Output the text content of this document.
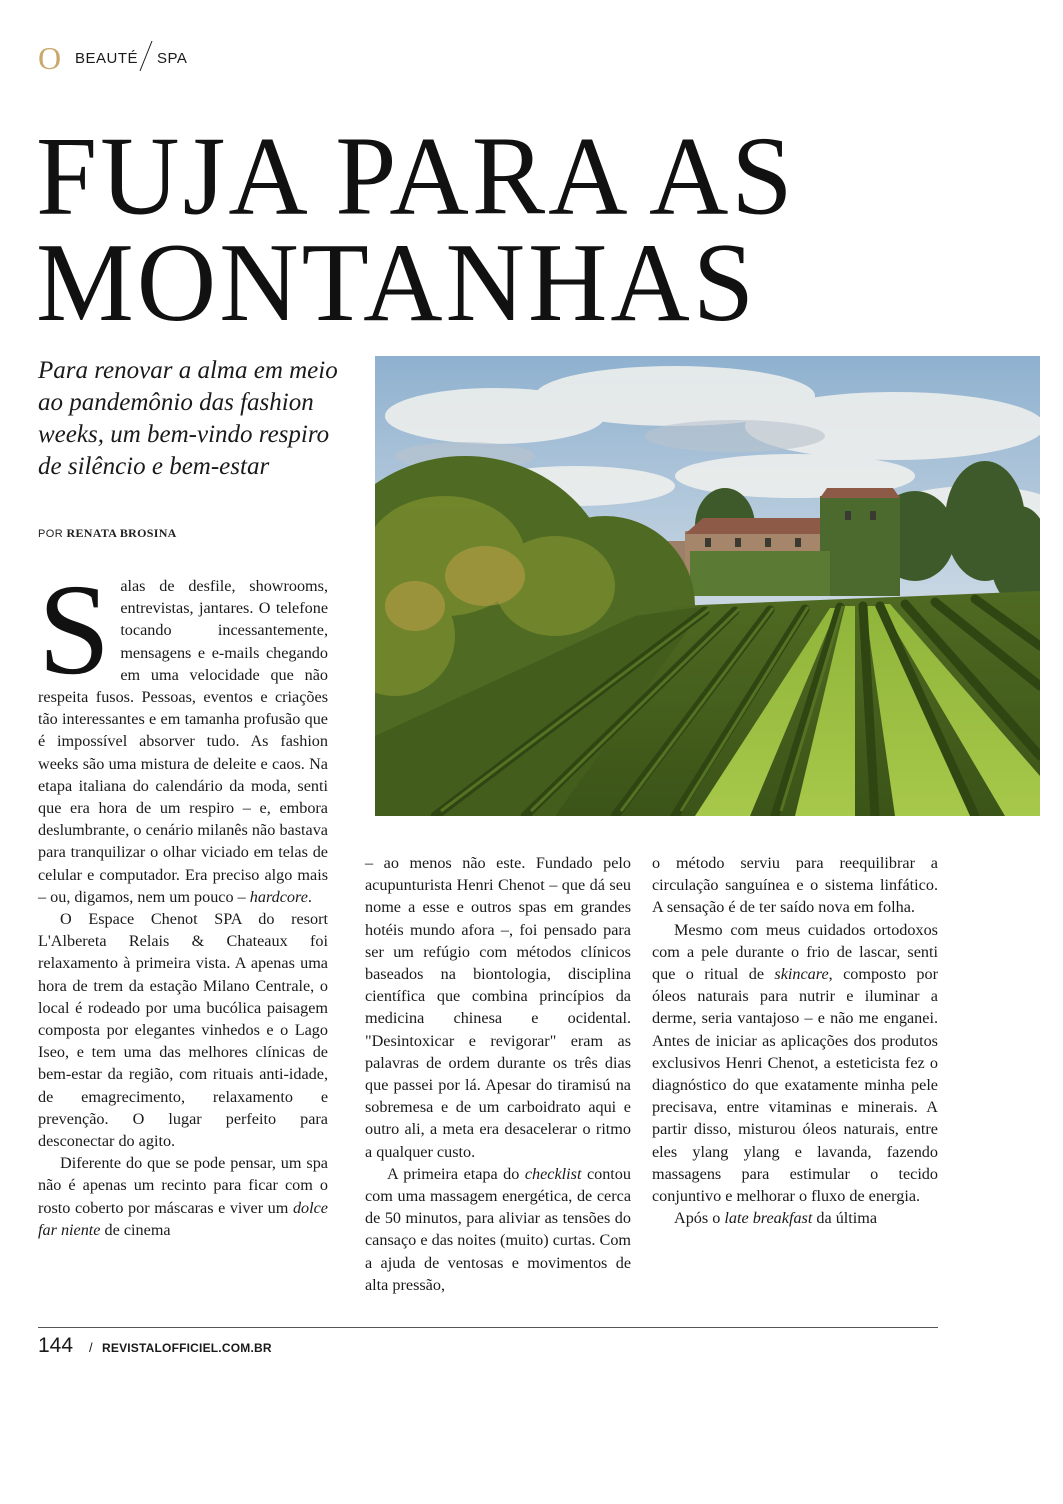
O BEAUTÉ SPA
FUJA PARA AS
MONTANHAS

Para renovar a alma em meio ao pandemônio das fashion weeks, um bem-vindo respiro de silêncio e bem-estar

POR RENATA BROSINA

Salas de desfile, showrooms, entrevistas, jantares. O telefone tocando incessantemente, mensagens e e-mails chegando em uma velocidade que não respeita fusos. Pessoas, eventos e criações tão interessantes e em tamanha profusão que é impossível absorver tudo. As fashion weeks são uma mistura de deleite e caos. Na etapa italiana do calendário da moda, senti que era hora de um respiro – e, embora deslumbrante, o cenário milanês não bastava para tranquilizar o olhar viciado em telas de celular e computador. Era preciso algo mais – ou, digamos, nem um pouco – hardcore.

O Espace Chenot SPA do resort L'Albereta Relais & Chateaux foi relaxamento à primeira vista. A apenas uma hora de trem da estação Milano Centrale, o local é rodeado por uma bucólica paisagem composta por elegantes vinhedos e o Lago Iseo, e tem uma das melhores clínicas de bem-estar da região, com rituais anti-idade, de emagrecimento, relaxamento e prevenção. O lugar perfeito para desconectar do agito.

Diferente do que se pode pensar, um spa não é apenas um recinto para ficar com o rosto coberto por máscaras e viver um dolce far niente de cinema

– ao menos não este. Fundado pelo acupunturista Henri Chenot – que dá seu nome a esse e outros spas em grandes hotéis mundo afora –, foi pensado para ser um refúgio com métodos clínicos baseados na biontologia, disciplina científica que combina princípios da medicina chinesa e ocidental. "Desintoxicar e revigorar" eram as palavras de ordem durante os três dias que passei por lá. Apesar do tiramisú na sobremesa e de um carboidrato aqui e outro ali, a meta era desacelerar o ritmo a qualquer custo.

A primeira etapa do checklist contou com uma massagem energética, de cerca de 50 minutos, para aliviar as tensões do cansaço e das noites (muito) curtas. Com a ajuda de ventosas e movimentos de alta pressão,

o método serviu para reequilibrar a circulação sanguínea e o sistema linfático. A sensação é de ter saído nova em folha.

Mesmo com meus cuidados ortodoxos com a pele durante o frio de lascar, senti que o ritual de skincare, composto por óleos naturais para nutrir e iluminar a derme, seria vantajoso – e não me enganei. Antes de iniciar as aplicações dos produtos exclusivos Henri Chenot, a esteticista fez o diagnóstico do que exatamente minha pele precisava, entre vitaminas e minerais. A partir disso, misturou óleos naturais, entre eles ylang ylang e lavanda, fazendo massagens para estimular o tecido conjuntivo e melhorar o fluxo de energia.

Após o late breakfast da última

144 / REVISTALOFFICIEL.COM.BR
